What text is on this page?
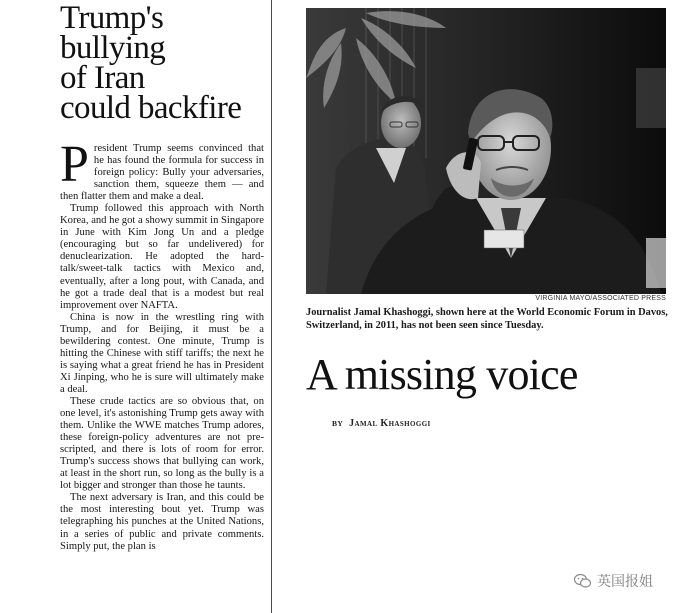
Trump's
bullying
of Iran
could backfire

President Trump seems convinced that he has found the formula for success in foreign policy: Bully your adversaries, sanction them, squeeze them — and then flatter them and make a deal.

Trump followed this approach with North Korea, and he got a showy summit in Singapore in June with Kim Jong Un and a pledge (encouraging but so far undelivered) for denuclearization. He adopted the hard-talk/sweet-talk tactics with Mexico and, eventually, after a long pout, with Canada, and he got a trade deal that is a modest but real improvement over NAFTA.

China is now in the wrestling ring with Trump, and for Beijing, it must be a bewildering contest. One minute, Trump is hitting the Chinese with stiff tariffs; the next he is saying what a great friend he has in President Xi Jinping, who he is sure will ultimately make a deal.

These crude tactics are so obvious that, on one level, it's astonishing Trump gets away with them. Unlike the WWE matches Trump adores, these foreign-policy adventures are not pre-scripted, and there is lots of room for error. Trump's success shows that bullying can work, at least in the short run, so long as the bully is a lot bigger and stronger than those he taunts.

The next adversary is Iran, and this could be the most interesting bout yet. Trump was telegraphing his punches at the United Nations, in a series of public and private comments. Simply put, the plan is

VIRGINIA MAYO/ASSOCIATED PRESS
Journalist Jamal Khashoggi, shown here at the World Economic Forum in Davos, Switzerland, in 2011, has not been seen since Tuesday.
A missing voice
BY Jamal Khashoggi
英国报姐
